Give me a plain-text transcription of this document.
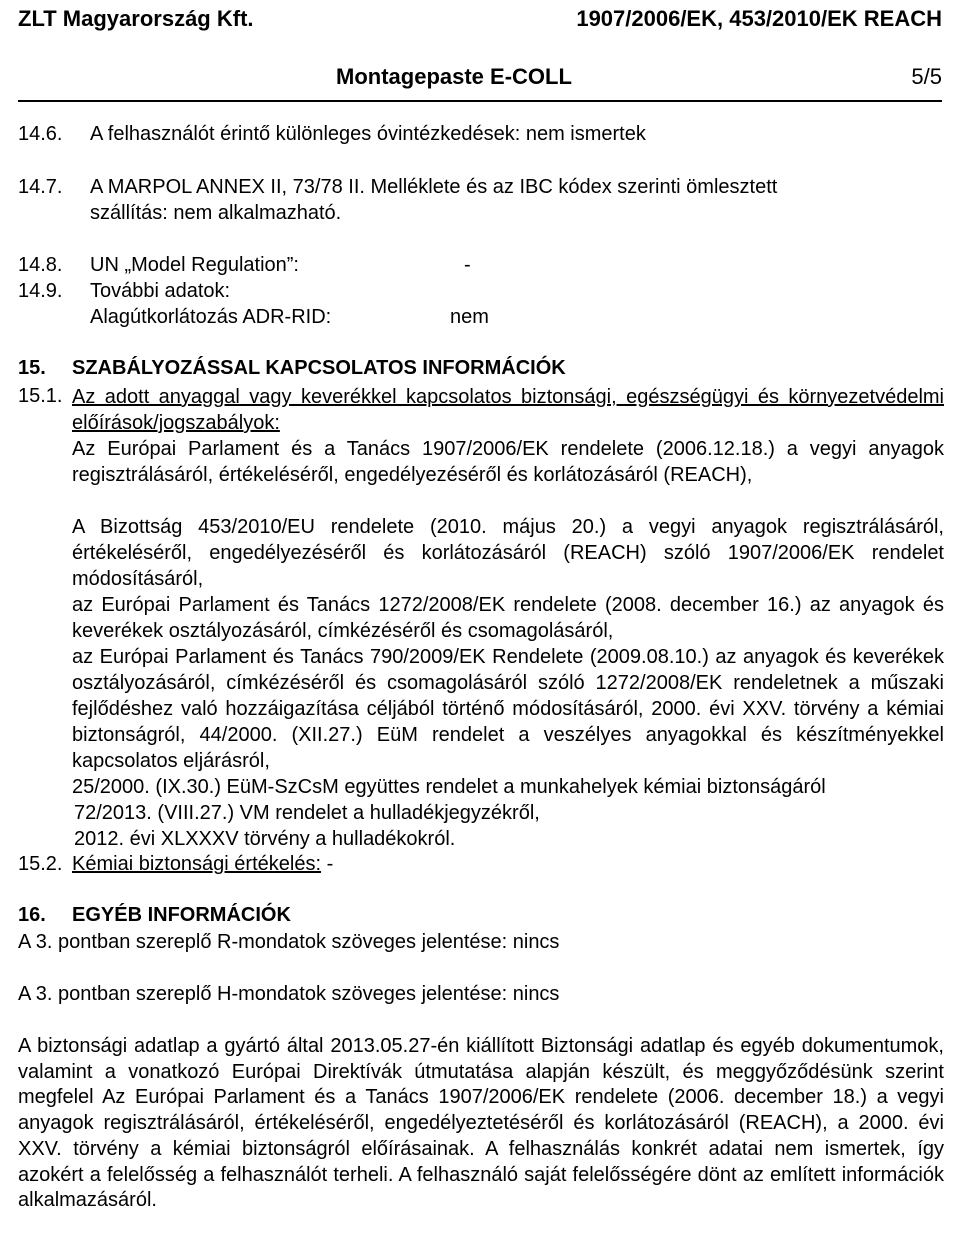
ZLT Magyarország Kft.	1907/2006/EK, 453/2010/EK REACH
Montagepaste E-COLL	5/5
14.6. A felhasználót érintő különleges óvintézkedések: nem ismertek
14.7. A MARPOL ANNEX II, 73/78 II. Melléklete és az IBC kódex szerinti ömlesztett
szállítás: nem alkalmazható.
14.8. UN „Model Regulation”:	-
14.9. További adatok:
Alagútkorlátozás ADR-RID:	nem
15. SZABÁLYOZÁSSAL KAPCSOLATOS INFORMÁCIÓK
15.1. Az adott anyaggal vagy keverékkel kapcsolatos biztonsági, egészségügyi és környezetvédelmi előírások/jogszabályok:
Az Európai Parlament és a Tanács 1907/2006/EK rendelete (2006.12.18.) a vegyi anyagok regisztrálásáról, értékeléséről, engedélyezéséről és korlátozásáról (REACH),
A Bizottság 453/2010/EU rendelete (2010. május 20.) a vegyi anyagok regisztrálásáról, értékeléséről, engedélyezéséről és korlátozásáról (REACH) szóló 1907/2006/EK rendelet módosításáról,
az Európai Parlament és Tanács 1272/2008/EK rendelete (2008. december 16.) az anyagok és keverékek osztályozásáról, címkézéséről és csomagolásáról,
az Európai Parlament és Tanács 790/2009/EK Rendelete (2009.08.10.) az anyagok és keverékek osztályozásáról, címkézéséről és csomagolásáról szóló 1272/2008/EK rendeletnek a műszaki fejlődéshez való hozzáigazítása céljából történő módosításáról, 2000. évi XXV. törvény a kémiai biztonságról, 44/2000. (XII.27.) EüM rendelet a veszélyes anyagokkal és készítményekkel kapcsolatos eljárásról,
25/2000. (IX.30.) EüM-SzCsM együttes rendelet a munkahelyek kémiai biztonságáról
72/2013. (VIII.27.) VM rendelet a hulladékjegyzékről,
2012. évi XLXXXV törvény a hulladékokról.
15.2. Kémiai biztonsági értékelés: -
16. EGYÉB INFORMÁCIÓK
A 3. pontban szereplő R-mondatok szöveges jelentése: nincs
A 3. pontban szereplő H-mondatok szöveges jelentése: nincs
A biztonsági adatlap a gyártó által 2013.05.27-én kiállított Biztonsági adatlap és egyéb dokumentumok, valamint a vonatkozó Európai Direktívák útmutatása alapján készült, és meggyőződésünk szerint megfelel Az Európai Parlament és a Tanács 1907/2006/EK rendelete (2006. december 18.) a vegyi anyagok regisztrálásáról, értékeléséről, engedélyeztetéséről és korlátozásáról (REACH), a 2000. évi XXV. törvény a kémiai biztonságról előírásainak. A felhasználás konkrét adatai nem ismertek, így azokért a felelősség a felhasználót terheli. A felhasználó saját felelősségére dönt az említett információk alkalmazásáról.
